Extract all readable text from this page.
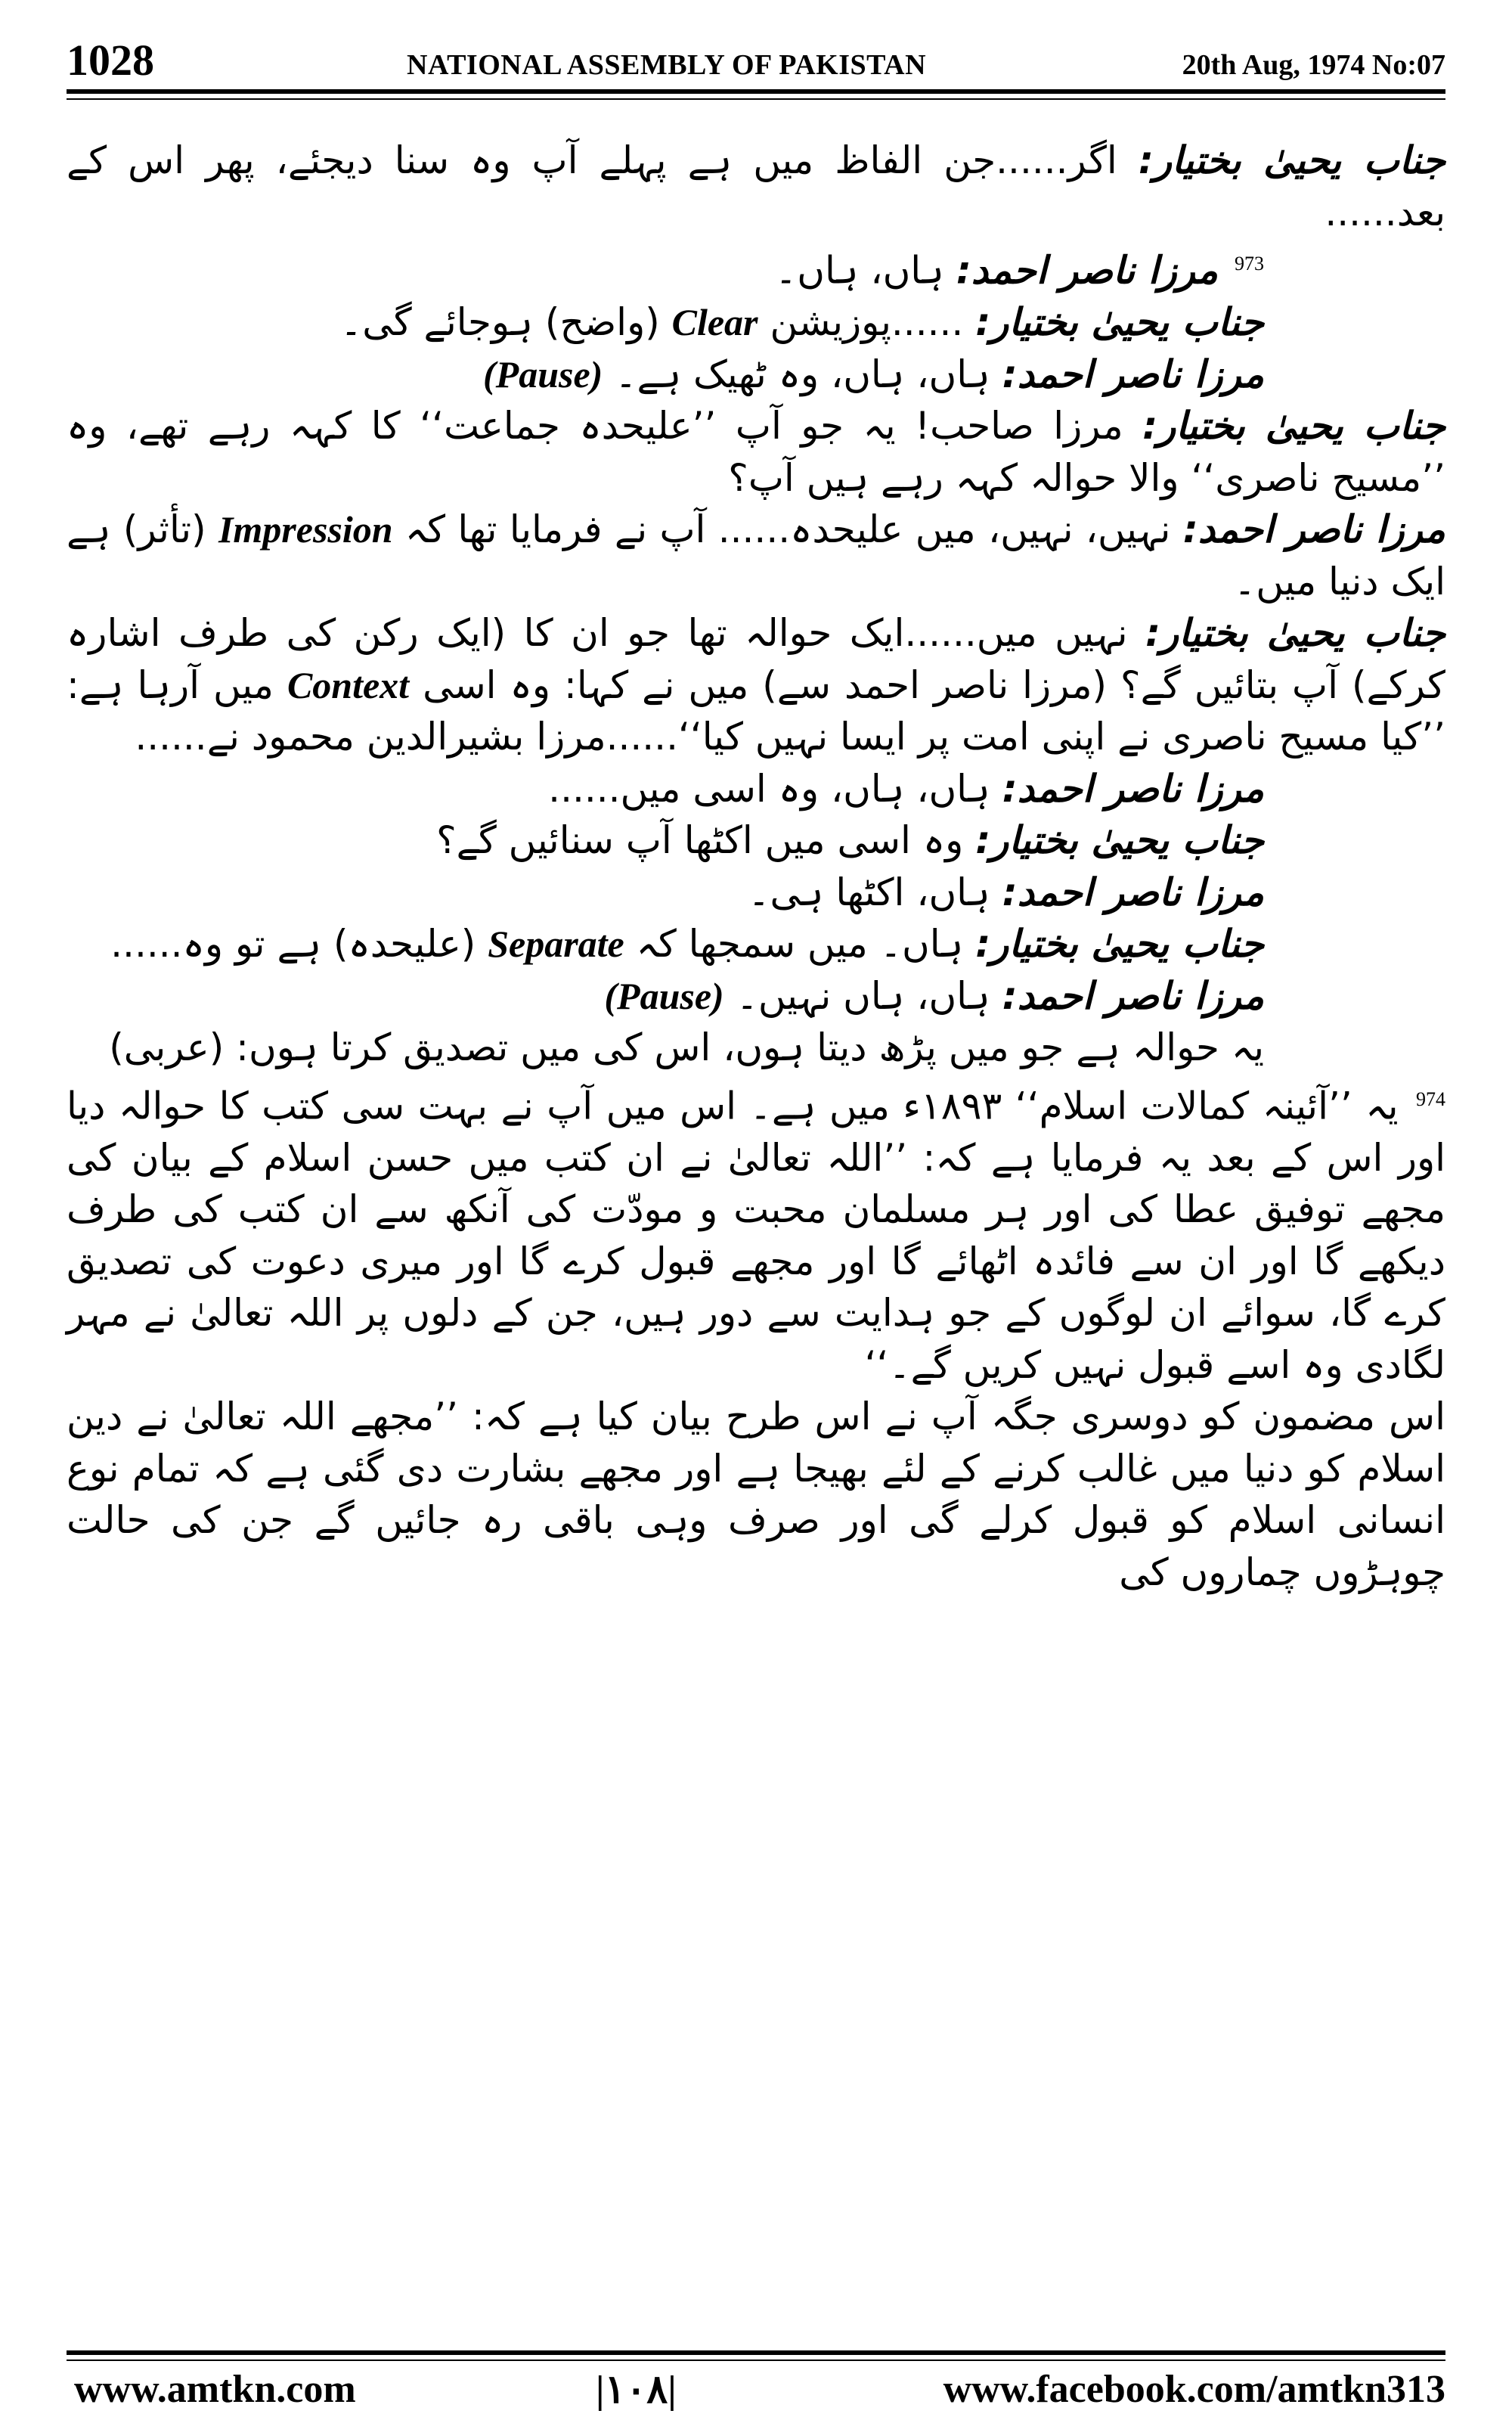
1028	NATIONAL ASSEMBLY OF PAKISTAN	20th Aug, 1974 No:07

جناب یحییٰ بختیار: اگر......جن الفاظ میں ہے پہلے آپ وہ سنا دیجئے، پھر اس کے بعد......

$^{973}$ مرزا ناصر احمد: ہاں، ہاں۔

جناب یحییٰ بختیار: ......پوزیشن Clear (واضح) ہوجائے گی۔

مرزا ناصر احمد: ہاں، ہاں، وہ ٹھیک ہے۔ (Pause)

جناب یحییٰ بختیار: مرزا صاحب! یہ جو آپ ’’علیحدہ جماعت‘‘ کا کہہ رہے تھے، وہ ’’مسیح ناصری‘‘ والا حوالہ کہہ رہے ہیں آپ؟

مرزا ناصر احمد: نہیں، نہیں، میں علیحدہ...... آپ نے فرمایا تھا کہ Impression (تأثر) ہے ایک دنیا میں۔

جناب یحییٰ بختیار: نہیں میں......ایک حوالہ تھا جو ان کا (ایک رکن کی طرف اشارہ کرکے) آپ بتائیں گے؟ (مرزا ناصر احمد سے) میں نے کہا: وہ اسی Context میں آرہا ہے: ’’کیا مسیح ناصری نے اپنی امت پر ایسا نہیں کیا‘‘......مرزا بشیرالدین محمود نے......

مرزا ناصر احمد: ہاں، ہاں، وہ اسی میں......

جناب یحییٰ بختیار: وہ اسی میں اکٹھا آپ سنائیں گے؟

مرزا ناصر احمد: ہاں، اکٹھا ہی۔

جناب یحییٰ بختیار: ہاں۔ میں سمجھا کہ Separate (علیحدہ) ہے تو وہ......

مرزا ناصر احمد: ہاں، ہاں نہیں۔ (Pause)

یہ حوالہ ہے جو میں پڑھ دیتا ہوں، اس کی میں تصدیق کرتا ہوں: (عربی)

$^{974}$ یہ ’’آئینہ کمالات اسلام‘‘ ۱۸۹۳ء میں ہے۔ اس میں آپ نے بہت سی کتب کا حوالہ دیا اور اس کے بعد یہ فرمایا ہے کہ: ’’اللہ تعالیٰ نے ان کتب میں حسن اسلام کے بیان کی مجھے توفیق عطا کی اور ہر مسلمان محبت و مودّت کی آنکھ سے ان کتب کی طرف دیکھے گا اور ان سے فائدہ اٹھائے گا اور مجھے قبول کرے گا اور میری دعوت کی تصدیق کرے گا، سوائے ان لوگوں کے جو ہدایت سے دور ہیں، جن کے دلوں پر اللہ تعالیٰ نے مہر لگادی وہ اسے قبول نہیں کریں گے۔‘‘

اس مضمون کو دوسری جگہ آپ نے اس طرح بیان کیا ہے کہ: ’’مجھے اللہ تعالیٰ نے دین اسلام کو دنیا میں غالب کرنے کے لئے بھیجا ہے اور مجھے بشارت دی گئی ہے کہ تمام نوع انسانی اسلام کو قبول کرلے گی اور صرف وہی باقی رہ جائیں گے جن کی حالت چوہڑوں چماروں کی

www.amtkn.com	|۱۰۸|	www.facebook.com/amtkn313
